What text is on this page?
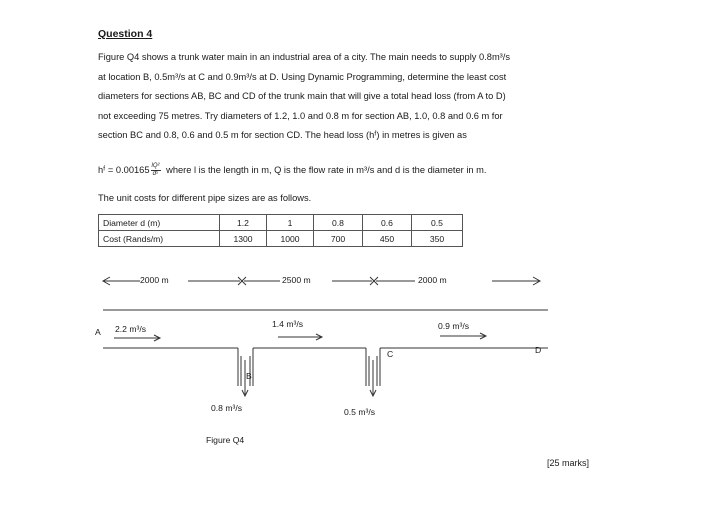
Question 4

Figure Q4 shows a trunk water main in an industrial area of a city. The main needs to supply 0.8m³/s

at location B, 0.5m³/s at C and 0.9m³/s at D. Using Dynamic Programming, determine the least cost

diameters for sections AB, BC and CD of the trunk main that will give a total head loss (from A to D)

not exceeding 75 metres. Try diameters of 1.2, 1.0 and 0.8 m for section AB, 1.0, 0.8 and 0.6 m for

section BC and 0.8, 0.6 and 0.5 m for section CD. The head loss (hᶠ) in metres is given as

hᶠ = $0.00165 \frac{\text{lQ²}}{\text{d⁵}}$ where l is the length in m, Q is the flow rate in m³/s and d is the diameter in m.
The unit costs for different pipe sizes are as follows.
Diameter d (m)	1.2	1	0.8	0.6	0.5
Cost (Rands/m)	1300	1000	700	450	350
2000 m	2500 m	2000 m
A 2.2 m³/s	1.4 m³/s	0.9 m³/s
C	D
B
0.8 m³/s	0.5 m³/s
Figure Q4
[25 marks]
